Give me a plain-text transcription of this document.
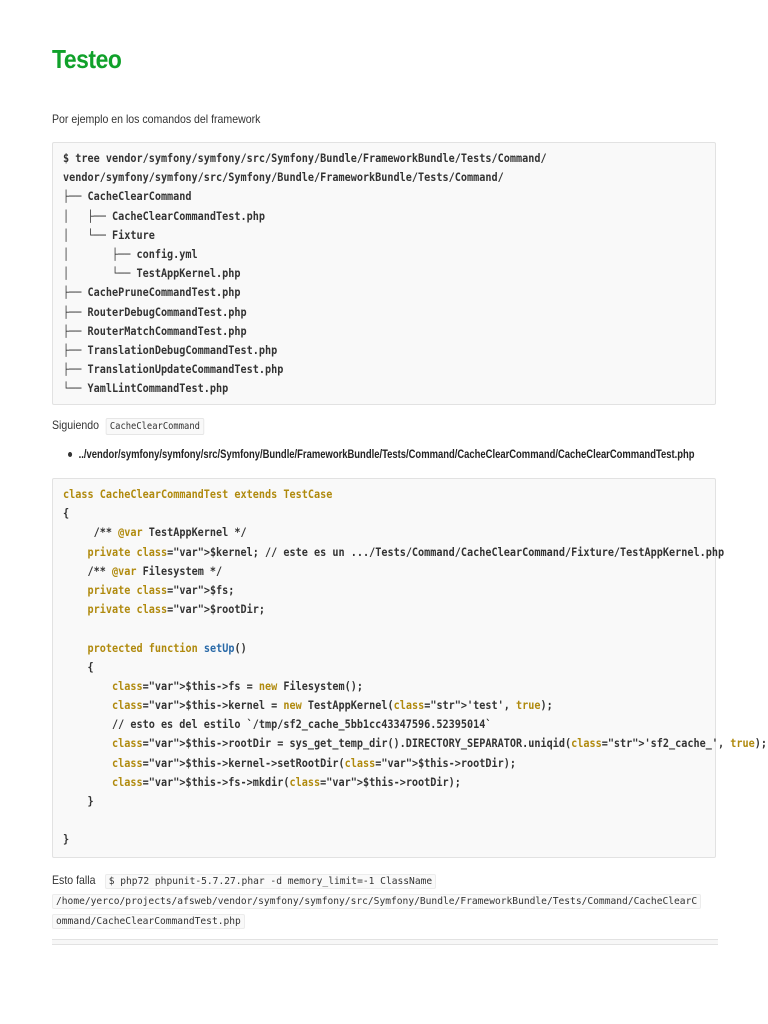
Testeo
Por ejemplo en los comandos del framework
$ tree vendor/symfony/symfony/src/Symfony/Bundle/FrameworkBundle/Tests/Command/
vendor/symfony/symfony/src/Symfony/Bundle/FrameworkBundle/Tests/Command/
├── CacheClearCommand
│   ├── CacheClearCommandTest.php
│   └── Fixture
│       ├── config.yml
│       └── TestAppKernel.php
├── CachePruneCommandTest.php
├── RouterDebugCommandTest.php
├── RouterMatchCommandTest.php
├── TranslationDebugCommandTest.php
├── TranslationUpdateCommandTest.php
└── YamlLintCommandTest.php
Siguiendo CacheClearCommand
../vendor/symfony/symfony/src/Symfony/Bundle/FrameworkBundle/Tests/Command/CacheClearCommand/CacheClearCommandTest.php
class CacheClearCommandTest extends TestCase
{
/** @var TestAppKernel */
private class="var">$kernel; // este es un .../Tests/Command/CacheClearCommand/Fixture/TestAppKernel.php
/** @var Filesystem */
private class="var">$fs;
private class="var">$rootDir;

protected function setUp()
{
class="var">$this->fs = new Filesystem();
class="var">$this->kernel = new TestAppKernel(class="str">'test', true);
// esto es del estilo `/tmp/sf2_cache_5bb1cc43347596.52395014`
class="var">$this->rootDir = sys_get_temp_dir().DIRECTORY_SEPARATOR.uniqid(class="str">'sf2_cache_', true);
class="var">$this->kernel->setRootDir(class="var">$this->rootDir);
class="var">$this->fs->mkdir(class="var">$this->rootDir);
}

}
Esto falla $ php72 phpunit-5.7.27.phar -d memory_limit=-1 ClassName
/home/yerco/projects/afsweb/vendor/symfony/symfony/src/Symfony/Bundle/FrameworkBundle/Tests/Command/CacheClearC
ommand/CacheClearCommandTest.php
